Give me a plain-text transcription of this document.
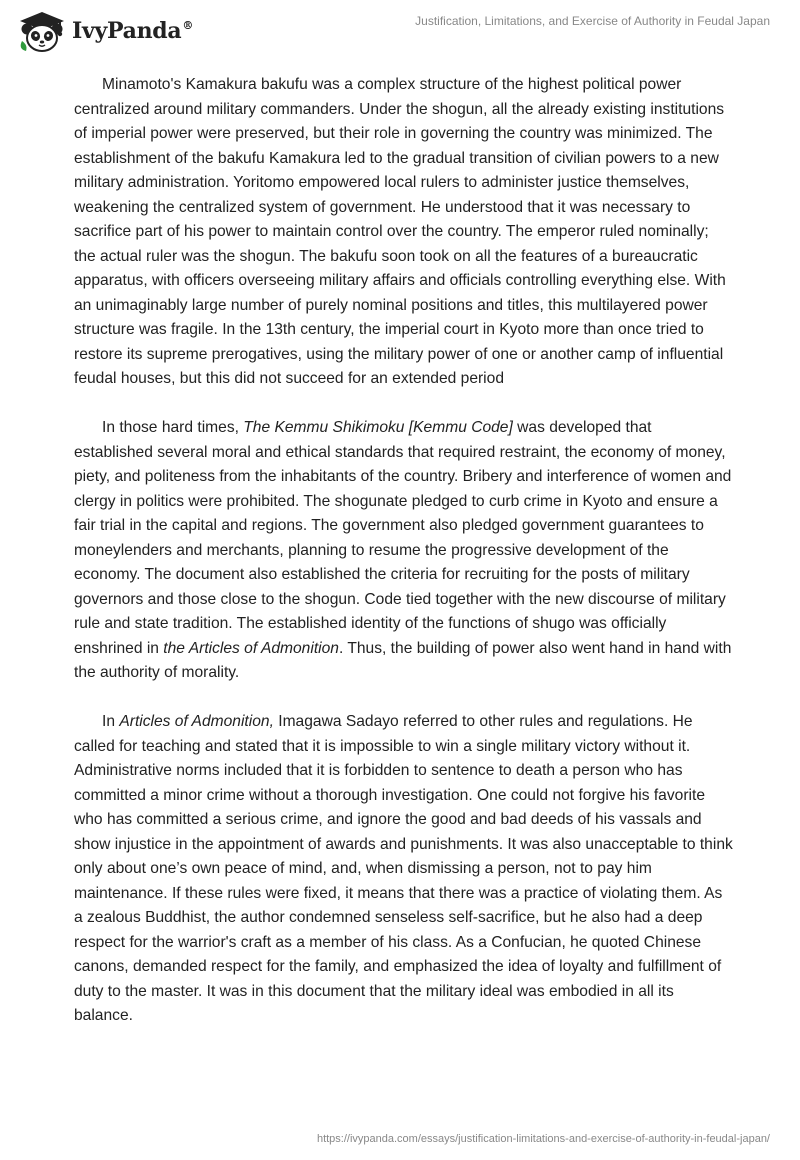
IvyPanda®	Justification, Limitations, and Exercise of Authority in Feudal Japan

Minamoto's Kamakura bakufu was a complex structure of the highest political power centralized around military commanders. Under the shogun, all the already existing institutions of imperial power were preserved, but their role in governing the country was minimized. The establishment of the bakufu Kamakura led to the gradual transition of civilian powers to a new military administration. Yoritomo empowered local rulers to administer justice themselves, weakening the centralized system of government. He understood that it was necessary to sacrifice part of his power to maintain control over the country. The emperor ruled nominally; the actual ruler was the shogun. The bakufu soon took on all the features of a bureaucratic apparatus, with officers overseeing military affairs and officials controlling everything else. With an unimaginably large number of purely nominal positions and titles, this multilayered power structure was fragile. In the 13th century, the imperial court in Kyoto more than once tried to restore its supreme prerogatives, using the military power of one or another camp of influential feudal houses, but this did not succeed for an extended period

In those hard times, The Kemmu Shikimoku [Kemmu Code] was developed that established several moral and ethical standards that required restraint, the economy of money, piety, and politeness from the inhabitants of the country. Bribery and interference of women and clergy in politics were prohibited. The shogunate pledged to curb crime in Kyoto and ensure a fair trial in the capital and regions. The government also pledged government guarantees to moneylenders and merchants, planning to resume the progressive development of the economy. The document also established the criteria for recruiting for the posts of military governors and those close to the shogun. Code tied together with the new discourse of military rule and state tradition. The established identity of the functions of shugo was officially enshrined in the Articles of Admonition. Thus, the building of power also went hand in hand with the authority of morality.

In Articles of Admonition, Imagawa Sadayo referred to other rules and regulations. He called for teaching and stated that it is impossible to win a single military victory without it. Administrative norms included that it is forbidden to sentence to death a person who has committed a minor crime without a thorough investigation. One could not forgive his favorite who has committed a serious crime, and ignore the good and bad deeds of his vassals and show injustice in the appointment of awards and punishments. It was also unacceptable to think only about one’s own peace of mind, and, when dismissing a person, not to pay him maintenance. If these rules were fixed, it means that there was a practice of violating them. As a zealous Buddhist, the author condemned senseless self-sacrifice, but he also had a deep respect for the warrior's craft as a member of his class. As a Confucian, he quoted Chinese canons, demanded respect for the family, and emphasized the idea of loyalty and fulfillment of duty to the master. It was in this document that the military ideal was embodied in all its balance.

https://ivypanda.com/essays/justification-limitations-and-exercise-of-authority-in-feudal-japan/
